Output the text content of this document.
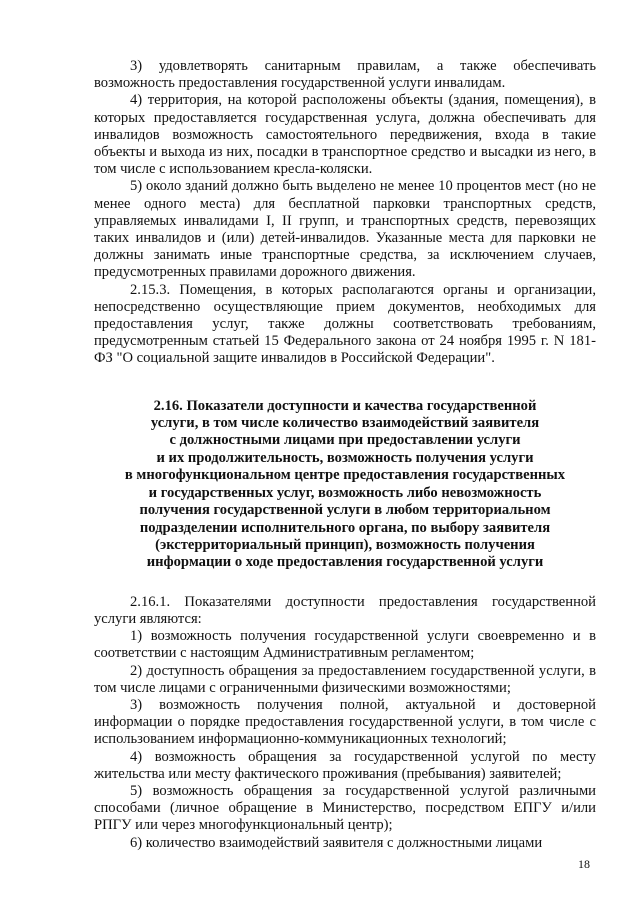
3) удовлетворять санитарным правилам, а также обеспечивать возможность предоставления государственной услуги инвалидам.

4) территория, на которой расположены объекты (здания, помещения), в которых предоставляется государственная услуга, должна обеспечивать для инвалидов возможность самостоятельного передвижения, входа в такие объекты и выхода из них, посадки в транспортное средство и высадки из него, в том числе с использованием кресла-коляски.

5) около зданий должно быть выделено не менее 10 процентов мест (но не менее одного места) для бесплатной парковки транспортных средств, управляемых инвалидами I, II групп, и транспортных средств, перевозящих таких инвалидов и (или) детей-инвалидов. Указанные места для парковки не должны занимать иные транспортные средства, за исключением случаев, предусмотренных правилами дорожного движения.

2.15.3. Помещения, в которых располагаются органы и организации, непосредственно осуществляющие прием документов, необходимых для предоставления услуг, также должны соответствовать требованиям, предусмотренным статьей 15 Федерального закона от 24 ноября 1995 г. N 181-ФЗ "О социальной защите инвалидов в Российской Федерации".

2.16. Показатели доступности и качества государственной
услуги, в том числе количество взаимодействий заявителя
с должностными лицами при предоставлении услуги
и их продолжительность, возможность получения услуги
в многофункциональном центре предоставления государственных
и государственных услуг, возможность либо невозможность
получения государственной услуги в любом территориальном
подразделении исполнительного органа, по выбору заявителя
(экстерриториальный принцип), возможность получения
информации о ходе предоставления государственной услуги

2.16.1. Показателями доступности предоставления государственной услуги являются:

1) возможность получения государственной услуги своевременно и в соответствии с настоящим Административным регламентом;

2) доступность обращения за предоставлением государственной услуги, в том числе лицами с ограниченными физическими возможностями;

3) возможность получения полной, актуальной и достоверной информации о порядке предоставления государственной услуги, в том числе с использованием информационно-коммуникационных технологий;

4) возможность обращения за государственной услугой по месту жительства или месту фактического проживания (пребывания) заявителей;

5) возможность обращения за государственной услугой различными способами (личное обращение в Министерство, посредством ЕПГУ и/или РПГУ или через многофункциональный центр);

6) количество взаимодействий заявителя с должностными лицами

18
